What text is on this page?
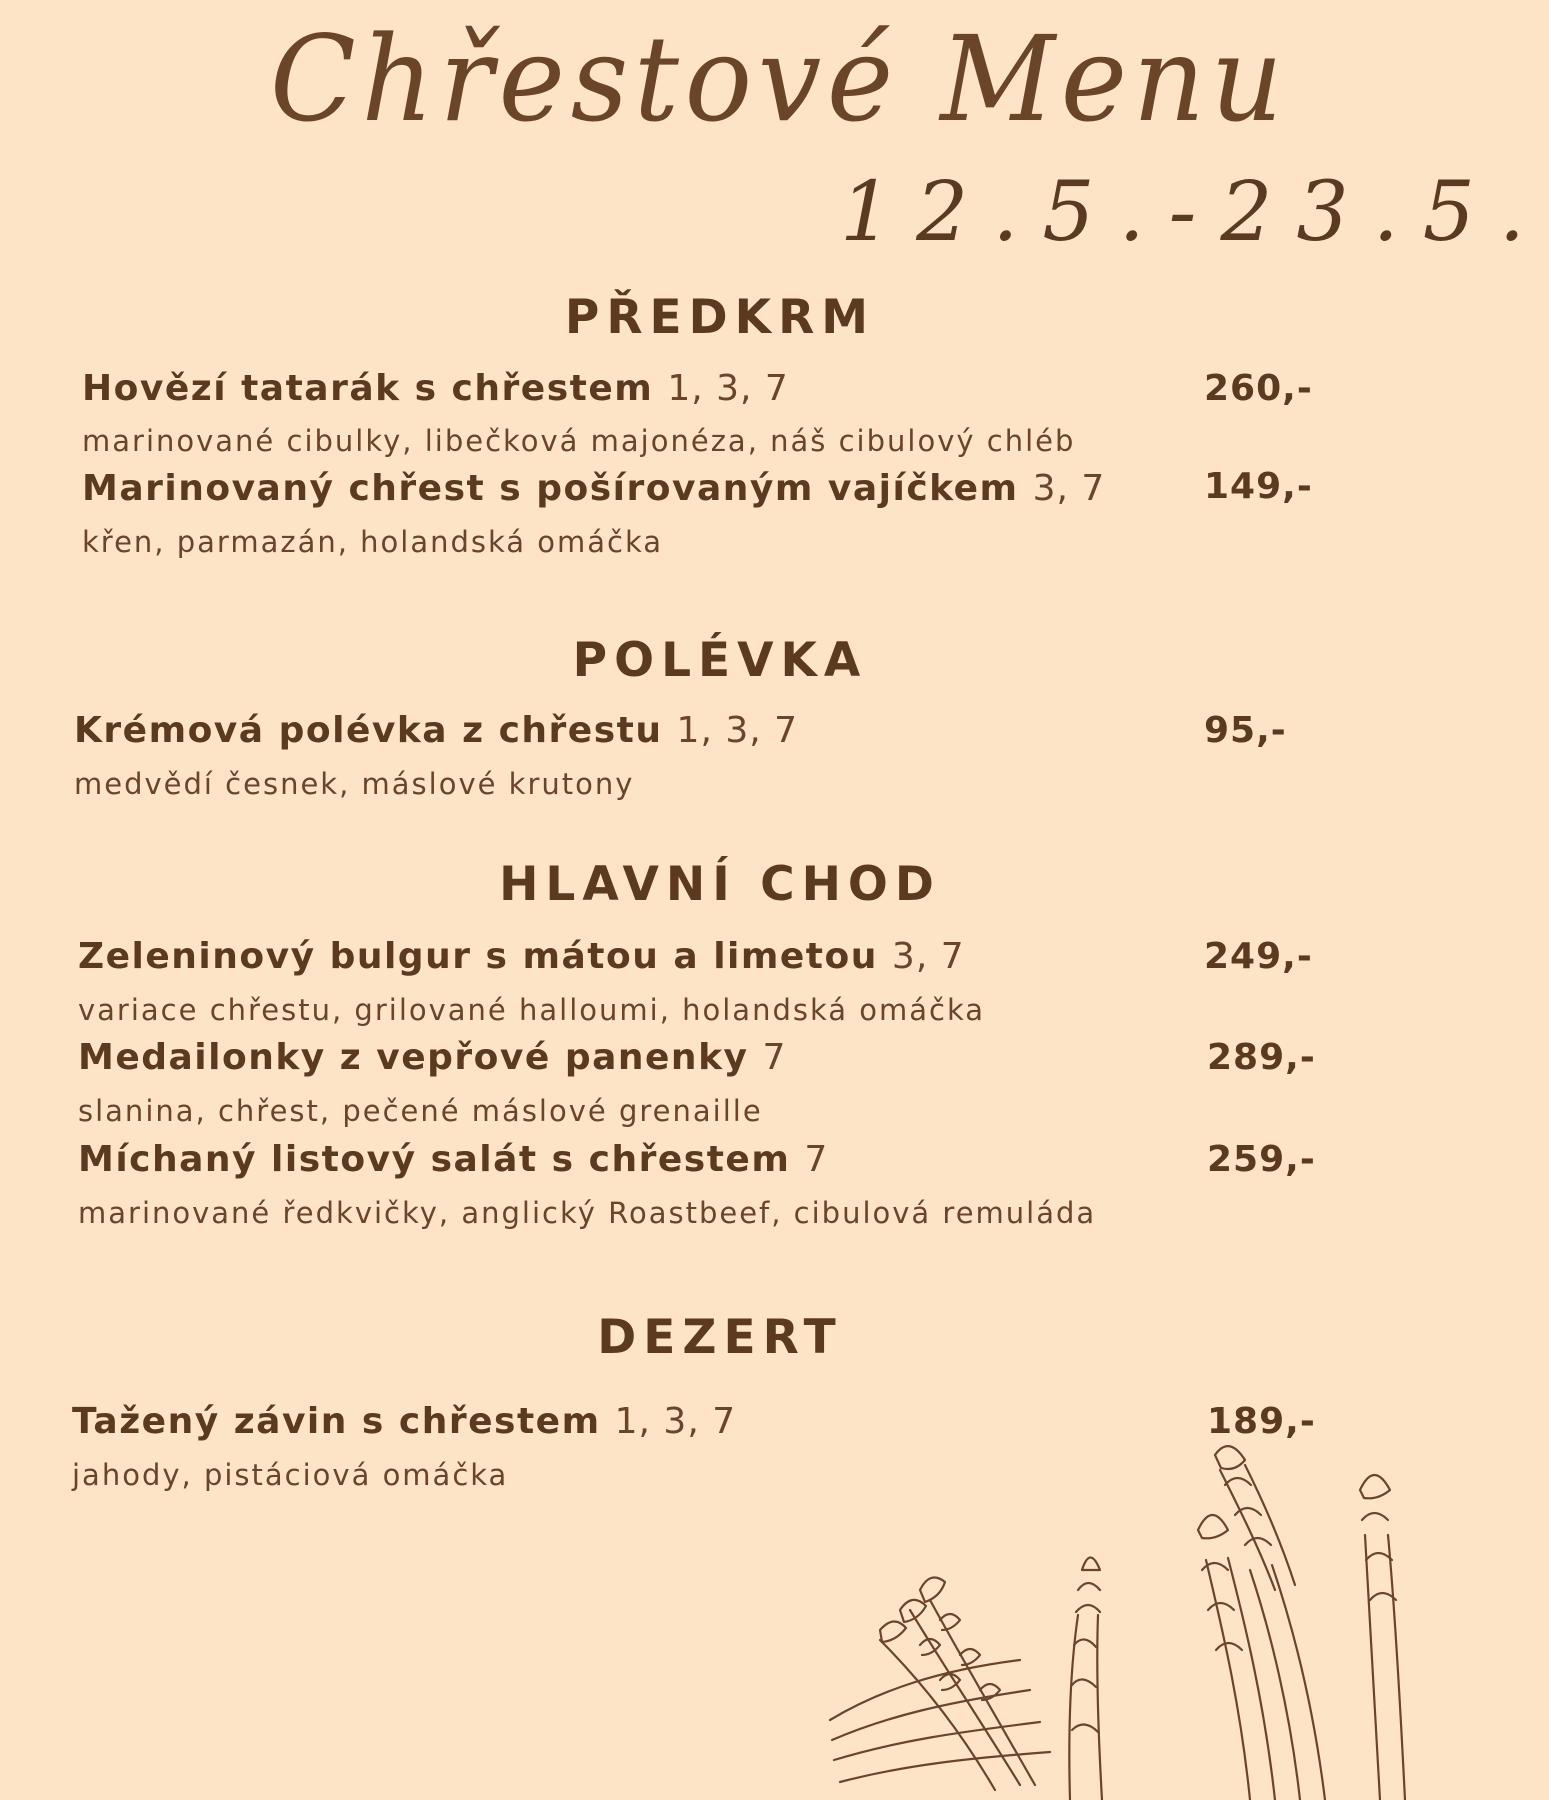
Chřestové Menu
12.5.-23.5.
PŘEDKRM
Hovězí tatarák s chřestem 1, 3, 7	260,-
marinované cibulky, libečková majonéza, náš cibulový chléb
Marinovaný chřest s pošírovaným vajíčkem 3, 7	149,-
křen, parmazán, holandská omáčka
POLÉVKA
Krémová polévka z chřestu 1, 3, 7	95,-
medvědí česnek, máslové krutony
HLAVNÍ CHOD
Zeleninový bulgur s mátou a limetou 3, 7	249,-
variace chřestu, grilované halloumi, holandská omáčka
Medailonky z vepřové panenky 7	289,-
slanina, chřest, pečené máslové grenaille
Míchaný listový salát s chřestem 7	259,-
marinované ředkvičky, anglický Roastbeef, cibulová remuláda
DEZERT
Tažený závin s chřestem 1, 3, 7	189,-
jahody, pistáciová omáčka
